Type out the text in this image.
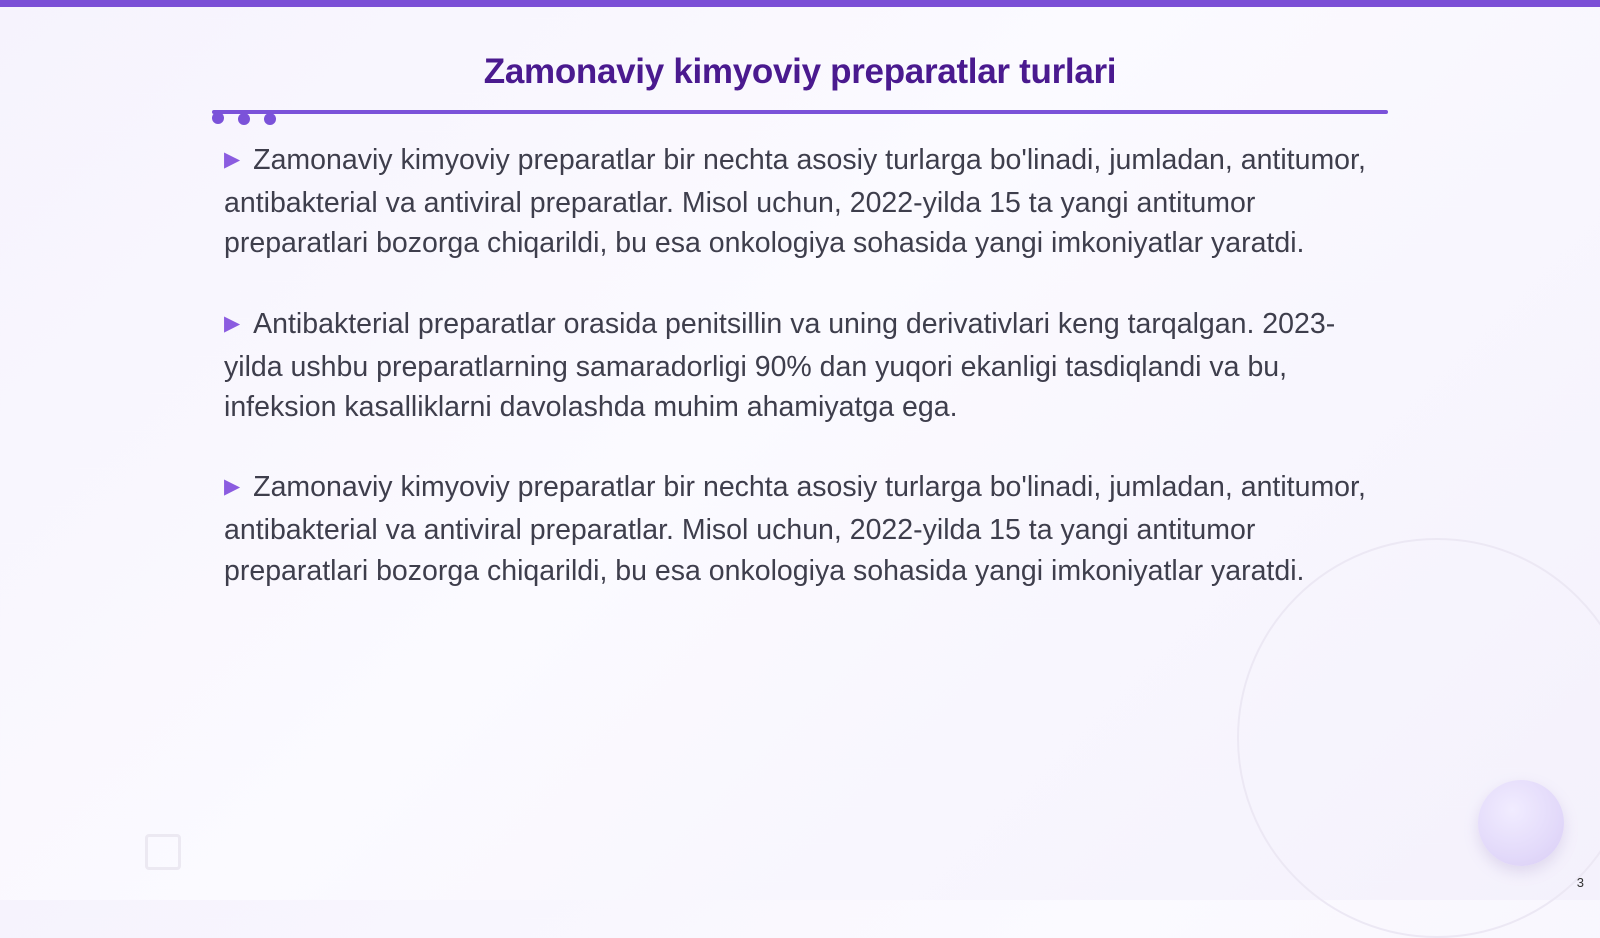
Zamonaviy kimyoviy preparatlar turlari

▶ Zamonaviy kimyoviy preparatlar bir nechta asosiy turlarga bo'linadi, jumladan, antitumor, antibakterial va antiviral preparatlar. Misol uchun, 2022-yilda 15 ta yangi antitumor preparatlari bozorga chiqarildi, bu esa onkologiya sohasida yangi imkoniyatlar yaratdi.

▶ Antibakterial preparatlar orasida penitsillin va uning derivativlari keng tarqalgan. 2023-yilda ushbu preparatlarning samaradorligi 90% dan yuqori ekanligi tasdiqlandi va bu, infeksion kasalliklarni davolashda muhim ahamiyatga ega.

▶ Zamonaviy kimyoviy preparatlar bir nechta asosiy turlarga bo'linadi, jumladan, antitumor, antibakterial va antiviral preparatlar. Misol uchun, 2022-yilda 15 ta yangi antitumor preparatlari bozorga chiqarildi, bu esa onkologiya sohasida yangi imkoniyatlar yaratdi.

3
